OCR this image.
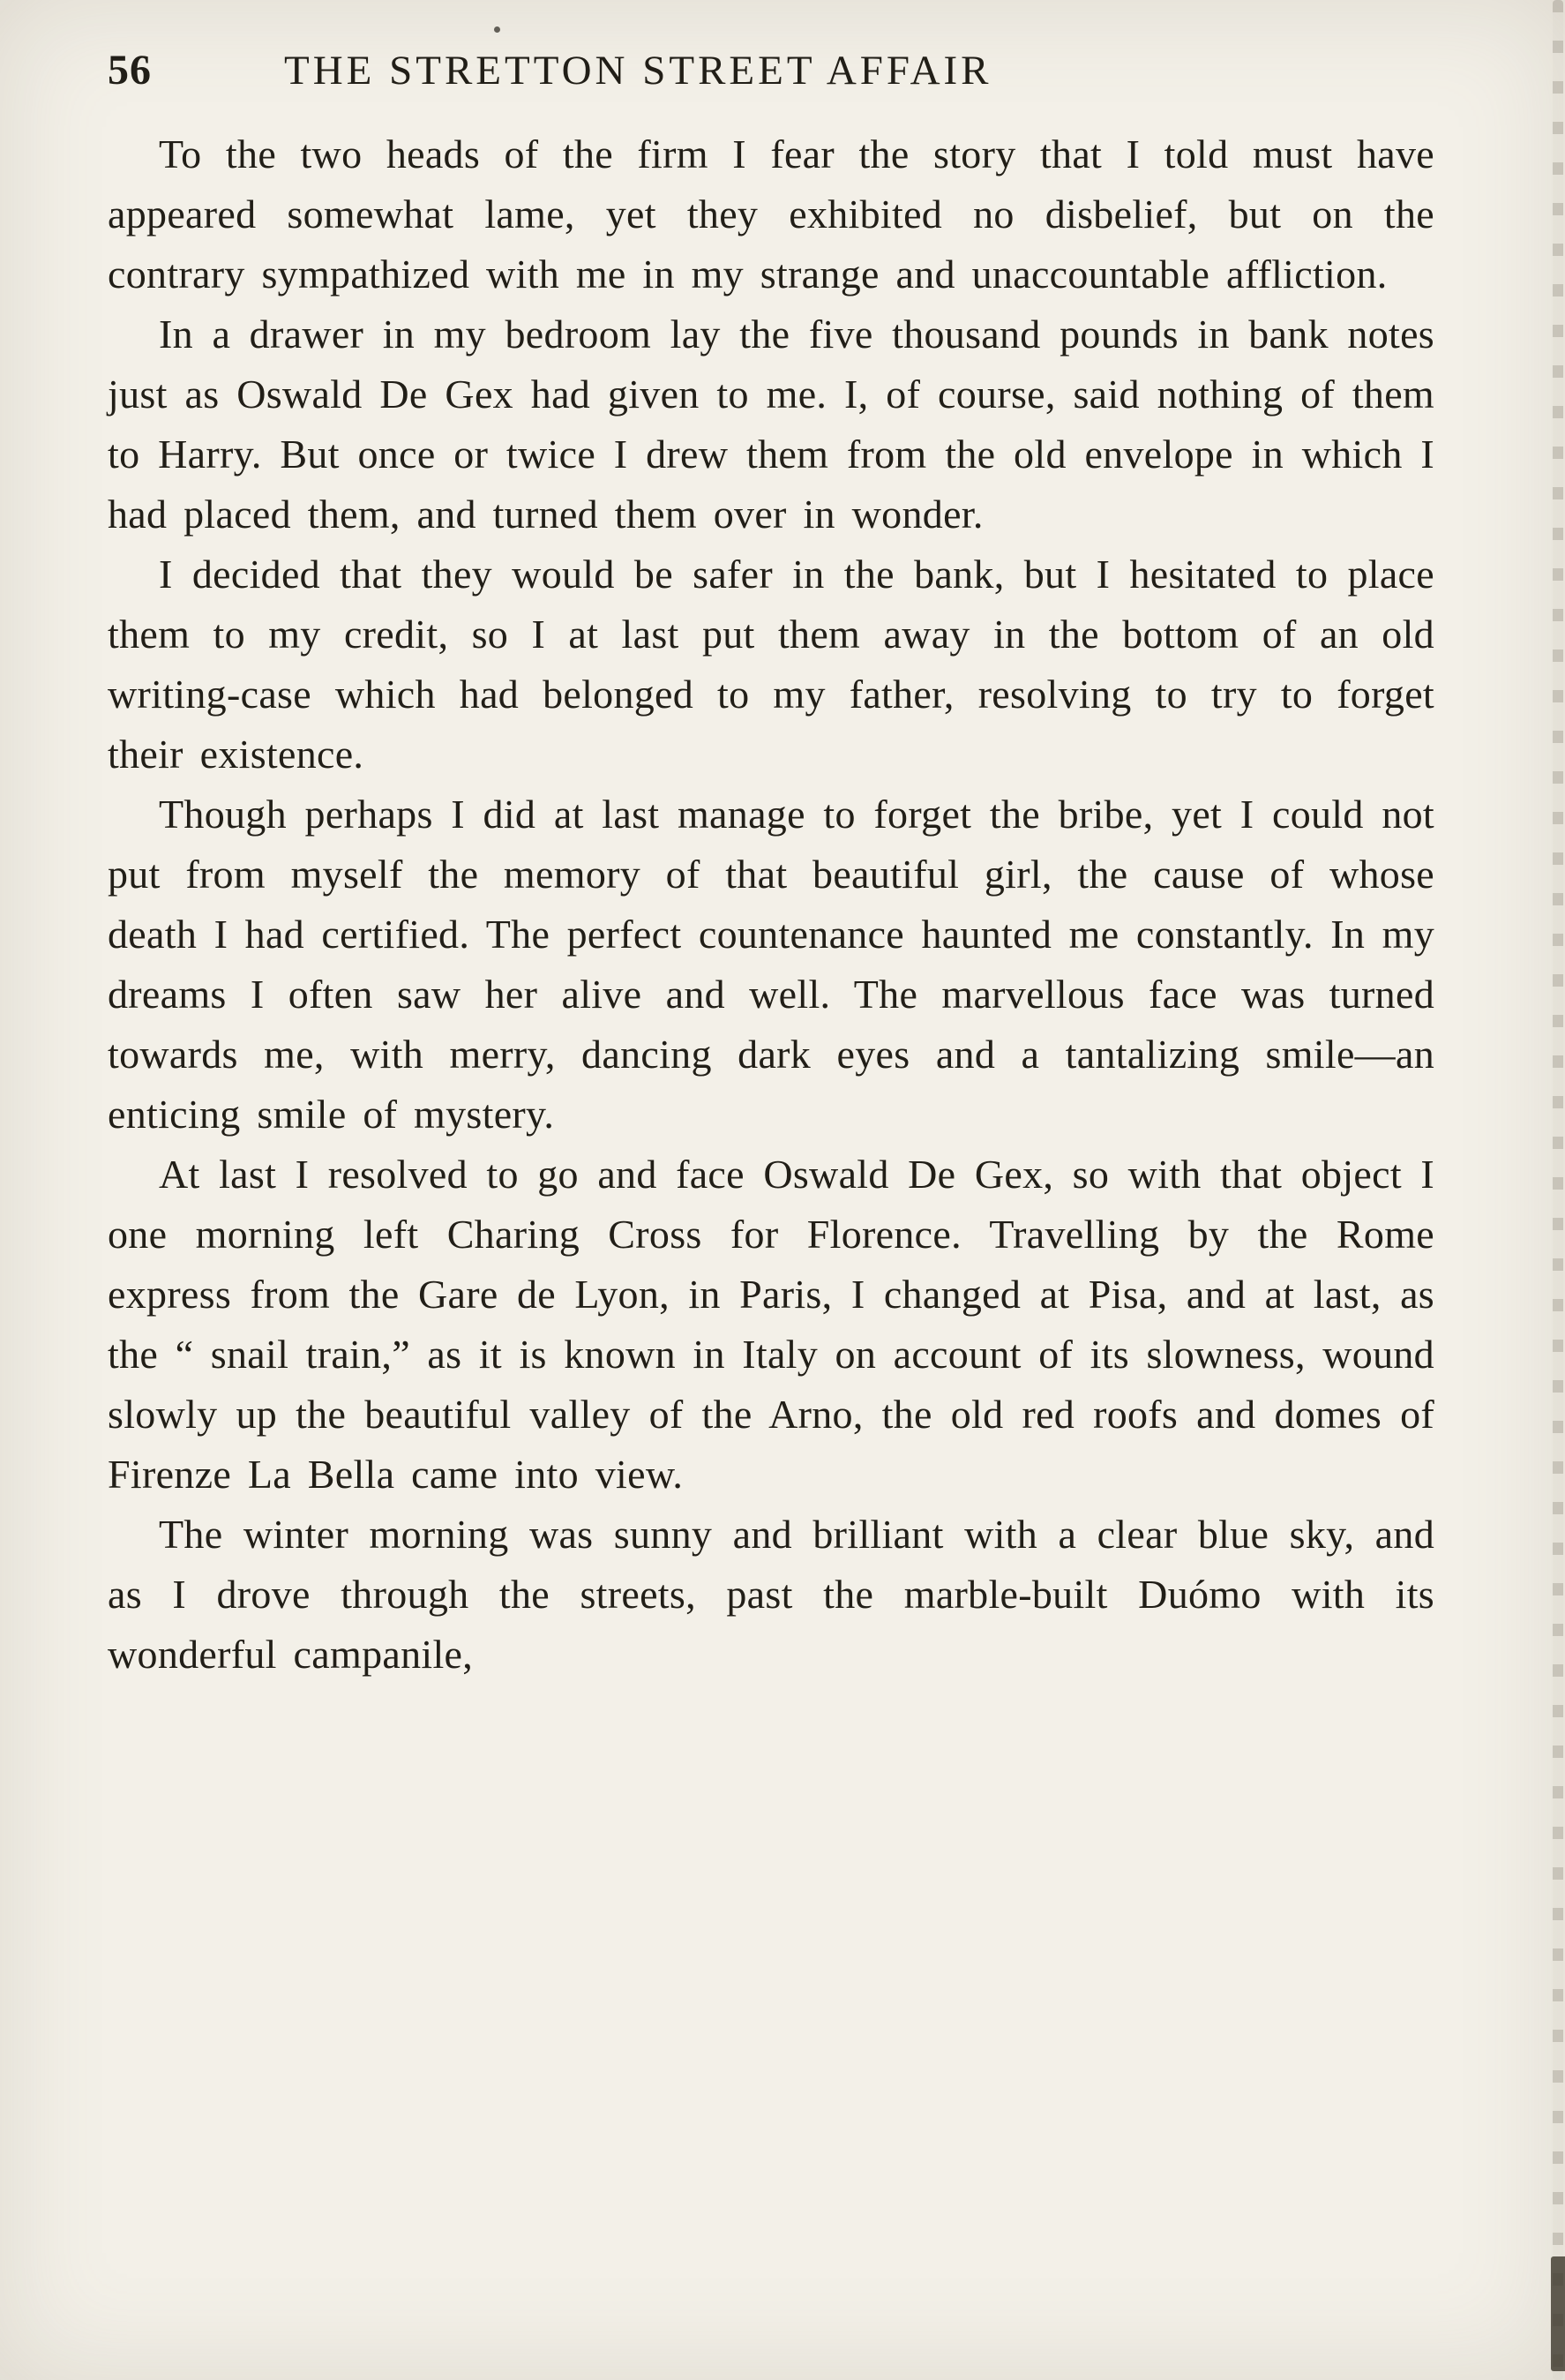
56	THE STRETTON STREET AFFAIR

To the two heads of the firm I fear the story that I told must have appeared somewhat lame, yet they exhibited no disbelief, but on the contrary sympathized with me in my strange and unaccountable affliction.

In a drawer in my bedroom lay the five thousand pounds in bank notes just as Oswald De Gex had given to me. I, of course, said nothing of them to Harry. But once or twice I drew them from the old envelope in which I had placed them, and turned them over in wonder.

I decided that they would be safer in the bank, but I hesitated to place them to my credit, so I at last put them away in the bottom of an old writing-case which had belonged to my father, resolving to try to forget their existence.

Though perhaps I did at last manage to forget the bribe, yet I could not put from myself the memory of that beautiful girl, the cause of whose death I had certified. The perfect countenance haunted me constantly. In my dreams I often saw her alive and well. The marvellous face was turned towards me, with merry, dancing dark eyes and a tantalizing smile—an enticing smile of mystery.

At last I resolved to go and face Oswald De Gex, so with that object I one morning left Charing Cross for Florence. Travelling by the Rome express from the Gare de Lyon, in Paris, I changed at Pisa, and at last, as the “ snail train,” as it is known in Italy on account of its slowness, wound slowly up the beautiful valley of the Arno, the old red roofs and domes of Firenze La Bella came into view.

The winter morning was sunny and brilliant with a clear blue sky, and as I drove through the streets, past the marble-built Duómo with its wonderful campanile,
